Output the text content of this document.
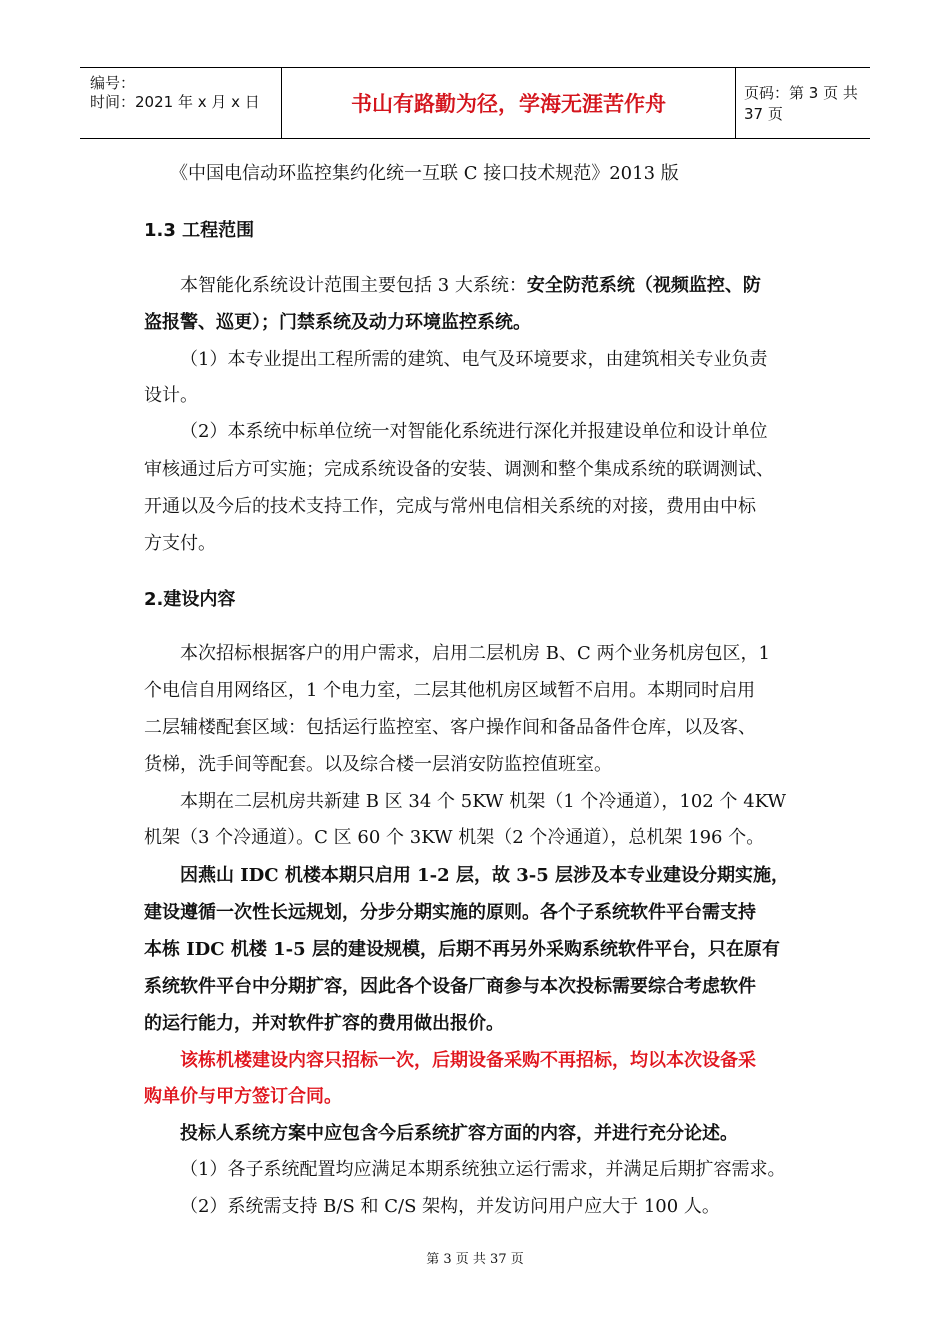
编号：
时间：2021 年 x 月 x 日	书山有路勤为径，学海无涯苦作舟	页码：第 3 页 共 37 页
《中国电信动环监控集约化统一互联 C 接口技术规范》2013 版
1.3 工程范围
本智能化系统设计范围主要包括 3 大系统：安全防范系统（视频监控、防
盗报警、巡更）；门禁系统及动力环境监控系统。
（1）本专业提出工程所需的建筑、电气及环境要求，由建筑相关专业负责
设计。
（2）本系统中标单位统一对智能化系统进行深化并报建设单位和设计单位
审核通过后方可实施；完成系统设备的安装、调测和整个集成系统的联调测试、
开通以及今后的技术支持工作，完成与常州电信相关系统的对接，费用由中标
方支付。
2.建设内容
本次招标根据客户的用户需求，启用二层机房 B、C 两个业务机房包区，1
个电信自用网络区，1 个电力室，二层其他机房区域暂不启用。本期同时启用
二层辅楼配套区域：包括运行监控室、客户操作间和备品备件仓库，以及客、
货梯，洗手间等配套。以及综合楼一层消安防监控值班室。
本期在二层机房共新建 B 区 34 个 5KW 机架（1 个冷通道），102 个 4KW
机架（3 个冷通道）。C 区 60 个 3KW 机架（2 个冷通道），总机架 196 个。
因燕山 IDC 机楼本期只启用 1-2 层，故 3-5 层涉及本专业建设分期实施，
建设遵循一次性长远规划，分步分期实施的原则。各个子系统软件平台需支持
本栋 IDC 机楼 1-5 层的建设规模，后期不再另外采购系统软件平台，只在原有
系统软件平台中分期扩容，因此各个设备厂商参与本次投标需要综合考虑软件
的运行能力，并对软件扩容的费用做出报价。
该栋机楼建设内容只招标一次，后期设备采购不再招标，均以本次设备采
购单价与甲方签订合同。
投标人系统方案中应包含今后系统扩容方面的内容，并进行充分论述。
（1）各子系统配置均应满足本期系统独立运行需求，并满足后期扩容需求。
（2）系统需支持 B/S 和 C/S 架构，并发访问用户应大于 100 人。
第 3 页 共 37 页
